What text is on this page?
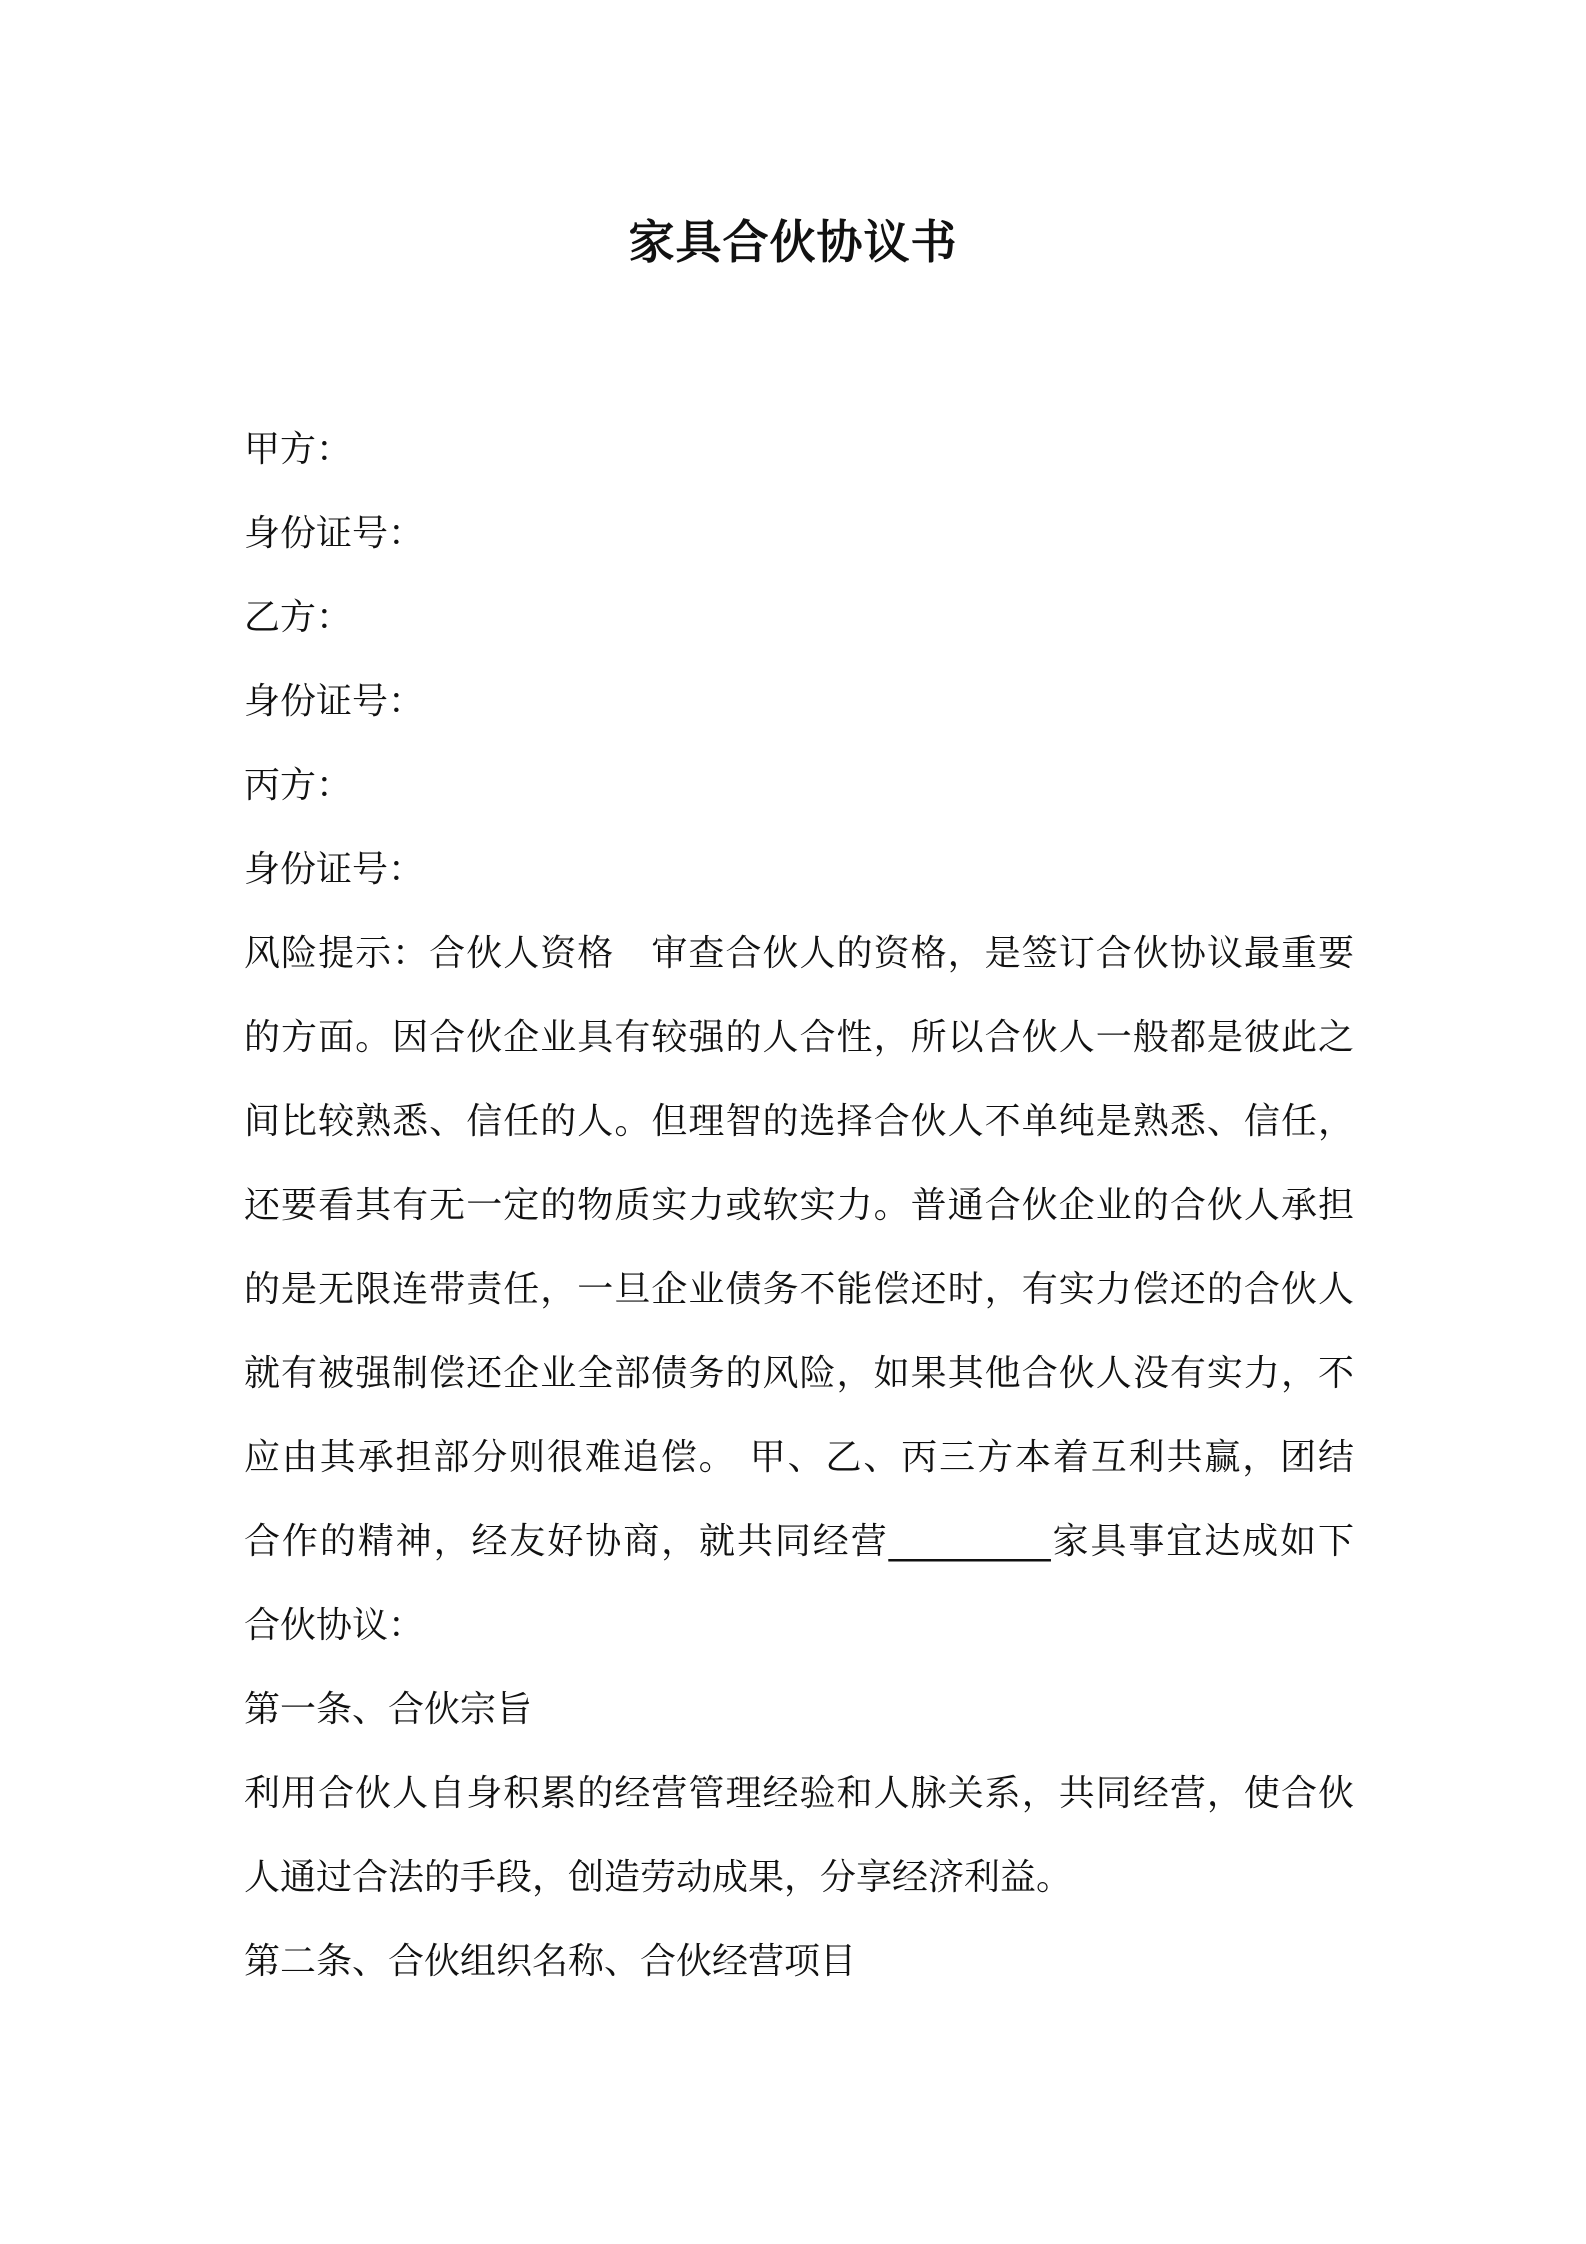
家具合伙协议书
甲方：
身份证号：
乙方：
身份证号：
丙方：
身份证号：
风险提示：合伙人资格　审查合伙人的资格，是签订合伙协议最重要
的方面。因合伙企业具有较强的人合性，所以合伙人一般都是彼此之
间比较熟悉、信任的人。但理智的选择合伙人不单纯是熟悉、信任，
还要看其有无一定的物质实力或软实力。普通合伙企业的合伙人承担
的是无限连带责任，一旦企业债务不能偿还时，有实力偿还的合伙人
就有被强制偿还企业全部债务的风险，如果其他合伙人没有实力，不
应由其承担部分则很难追偿。 甲、乙、丙三方本着互利共赢，团结
合作的精神，经友好协商，就共同经营_________家具事宜达成如下
合伙协议：
第一条、合伙宗旨
利用合伙人自身积累的经营管理经验和人脉关系，共同经营，使合伙
人通过合法的手段，创造劳动成果，分享经济利益。
第二条、合伙组织名称、合伙经营项目
